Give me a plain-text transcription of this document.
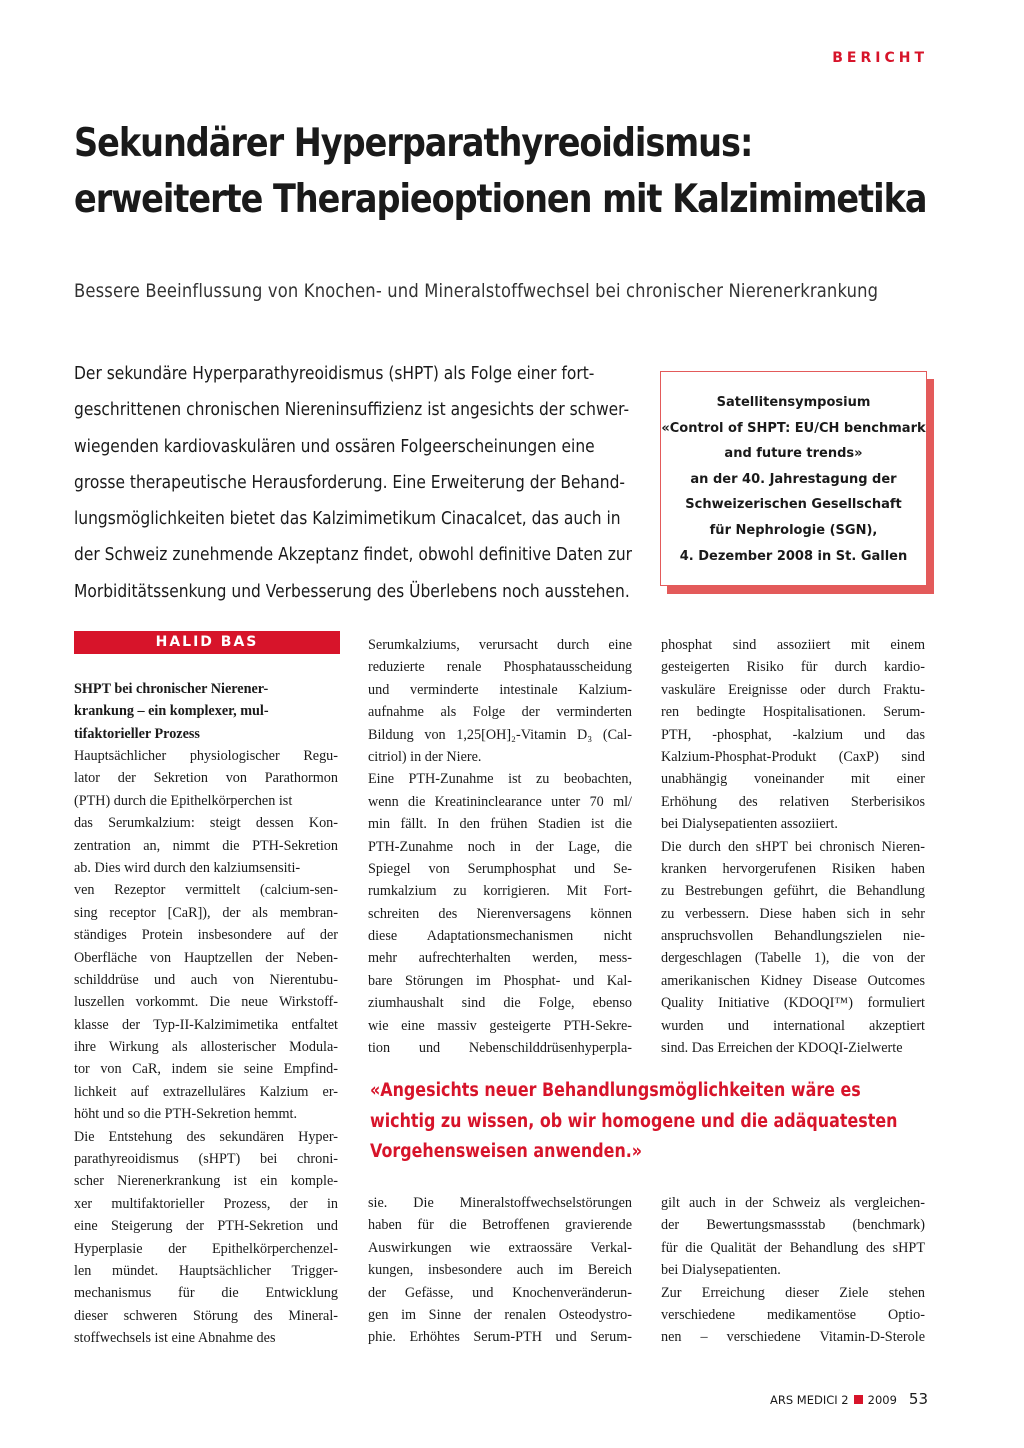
BERICHT
Sekundärer Hyperparathyreoidismus:
erweiterte Therapieoptionen mit Kalzimimetika
Bessere Beeinflussung von Knochen- und Mineralstoffwechsel bei chronischer Nierenerkrankung
Der sekundäre Hyperparathyreoidismus (sHPT) als Folge einer fort-
geschrittenen chronischen Niereninsuffizienz ist angesichts der schwer-
wiegenden kardiovaskulären und ossären Folgeerscheinungen eine
grosse therapeutische Herausforderung. Eine Erweiterung der Behand-
lungsmöglichkeiten bietet das Kalzimimetikum Cinacalcet, das auch in
der Schweiz zunehmende Akzeptanz findet, obwohl definitive Daten zur
Morbiditätssenkung und Verbesserung des Überlebens noch ausstehen.
Satellitensymposium
«Control of SHPT: EU/CH benchmark
and future trends»
an der 40. Jahrestagung der
Schweizerischen Gesellschaft
für Nephrologie (SGN),
4. Dezember 2008 in St. Gallen
HALID BAS
SHPT bei chronischer Nierener-
krankung – ein komplexer, mul-
tifaktorieller Prozess
Hauptsächlicher physiologischer Regu-
lator der Sekretion von Parathormon
(PTH) durch die Epithelkörperchen ist
das Serumkalzium: steigt dessen Kon-
zentration an, nimmt die PTH-Sekretion
ab. Dies wird durch den kalziumsensiti-
ven Rezeptor vermittelt (calcium-sen-
sing receptor [CaR]), der als membran-
ständiges Protein insbesondere auf der
Oberfläche von Hauptzellen der Neben-
schilddrüse und auch von Nierentubu-
luszellen vorkommt. Die neue Wirkstoff-
klasse der Typ-II-Kalzimimetika entfaltet
ihre Wirkung als allosterischer Modula-
tor von CaR, indem sie seine Empfind-
lichkeit auf extrazelluläres Kalzium er-
höht und so die PTH-Sekretion hemmt.
Die Entstehung des sekundären Hyper-
parathyreoidismus (sHPT) bei chroni-
scher Nierenerkrankung ist ein komple-
xer multifaktorieller Prozess, der in
eine Steigerung der PTH-Sekretion und
Hyperplasie der Epithelkörperchenzel-
len mündet. Hauptsächlicher Trigger-
mechanismus für die Entwicklung
dieser schweren Störung des Mineral-
stoffwechsels ist eine Abnahme des
Serumkalziums, verursacht durch eine
reduzierte renale Phosphatausscheidung
und verminderte intestinale Kalzium-
aufnahme als Folge der verminderten
Bildung von 1,25[OH]₂-Vitamin D₃ (Cal-
citriol) in der Niere.
Eine PTH-Zunahme ist zu beobachten,
wenn die Kreatininclearance unter 70 ml/
min fällt. In den frühen Stadien ist die
PTH-Zunahme noch in der Lage, die
Spiegel von Serumphosphat und Se-
rumkalzium zu korrigieren. Mit Fort-
schreiten des Nierenversagens können
diese Adaptationsmechanismen nicht
mehr aufrechterhalten werden, mess-
bare Störungen im Phosphat- und Kal-
ziumhaushalt sind die Folge, ebenso
wie eine massiv gesteigerte PTH-Sekre-
tion und Nebenschilddrüsenhyperpla-
phosphat sind assoziiert mit einem
gesteigerten Risiko für durch kardio-
vaskuläre Ereignisse oder durch Fraktu-
ren bedingte Hospitalisationen. Serum-
PTH, -phosphat, -kalzium und das
Kalzium-Phosphat-Produkt (CaxP) sind
unabhängig voneinander mit einer
Erhöhung des relativen Sterberisikos
bei Dialysepatienten assoziiert.
Die durch den sHPT bei chronisch Nieren-
kranken hervorgerufenen Risiken haben
zu Bestrebungen geführt, die Behandlung
zu verbessern. Diese haben sich in sehr
anspruchsvollen Behandlungszielen nie-
dergeschlagen (Tabelle 1), die von der
amerikanischen Kidney Disease Outcomes
Quality Initiative (KDOQI™) formuliert
wurden und international akzeptiert
sind. Das Erreichen der KDOQI-Zielwerte
«Angesichts neuer Behandlungsmöglichkeiten wäre es
wichtig zu wissen, ob wir homogene und die adäquatesten
Vorgehensweisen anwenden.»
sie. Die Mineralstoffwechselstörungen
haben für die Betroffenen gravierende
Auswirkungen wie extraossäre Verkal-
kungen, insbesondere auch im Bereich
der Gefässe, und Knochenveränderun-
gen im Sinne der renalen Osteodystro-
phie. Erhöhtes Serum-PTH und Serum-
gilt auch in der Schweiz als vergleichen-
der Bewertungsmassstab (benchmark)
für die Qualität der Behandlung des sHPT
bei Dialysepatienten.
Zur Erreichung dieser Ziele stehen
verschiedene medikamentöse Optio-
nen – verschiedene Vitamin-D-Sterole
ARS MEDICI 2 2009 53
